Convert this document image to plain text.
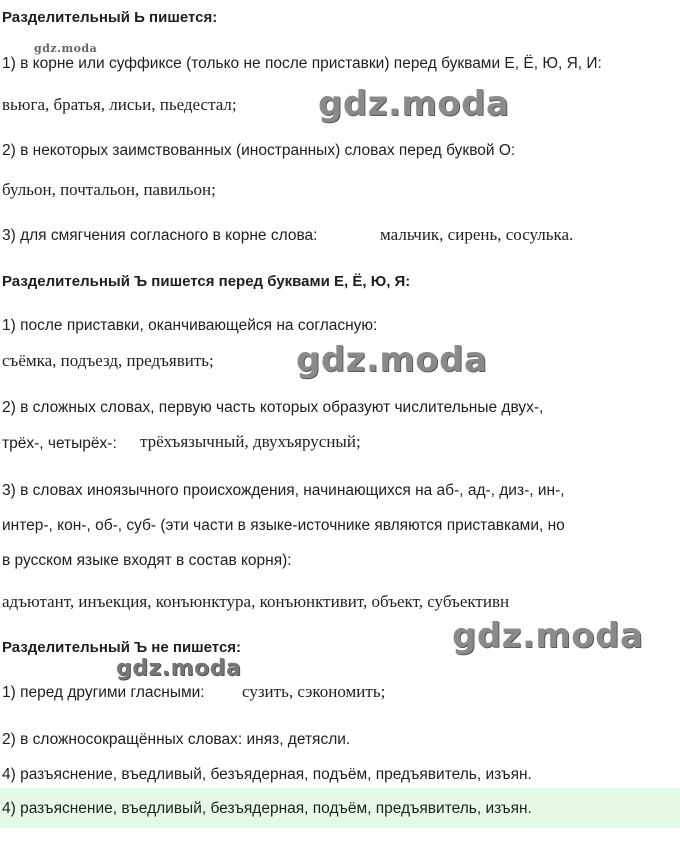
Разделительный Ь пишется:
gdz.moda
1) в корне или суффиксе (только не после приставки) перед буквами Е, Ё, Ю, Я, И:
вьюга, братья, лисьи, пьедестал; gdz.moda
2) в некоторых заимствованных (иностранных) словах перед буквой О:
бульон, почтальон, павильон;
3) для смягчения согласного в корне слова:	мальчик, сирень, сосулька.
Разделительный Ъ пишется перед буквами Е, Ё, Ю, Я:
1) после приставки, оканчивающейся на согласную:
съёмка, подъезд, предъявить; gdz.moda
2) в сложных словах, первую часть которых образуют числительные двух-,
трёх-, четырёх-: трёхъязычный, двухъярусный;
3) в словах иноязычного происхождения, начинающихся на аб-, ад-, диз-, ин-,
интер-, кон-, об-, суб- (эти части в языке-источнике являются приставками, но
в русском языке входят в состав корня):
адъютант, инъекция, конъюнктура, конъюнктивит, объект, субъективн
gdz.moda
Разделительный Ъ не пишется:
gdz.moda
1) перед другими гласными: сузить, сэкономить;
2) в сложносокращённых словах: иняз, детясли.
4) разъяснение, въедливый, безъядерная, подъём, предъявитель, изъян.
4) разъяснение, въедливый, безъядерная, подъём, предъявитель, изъян.
